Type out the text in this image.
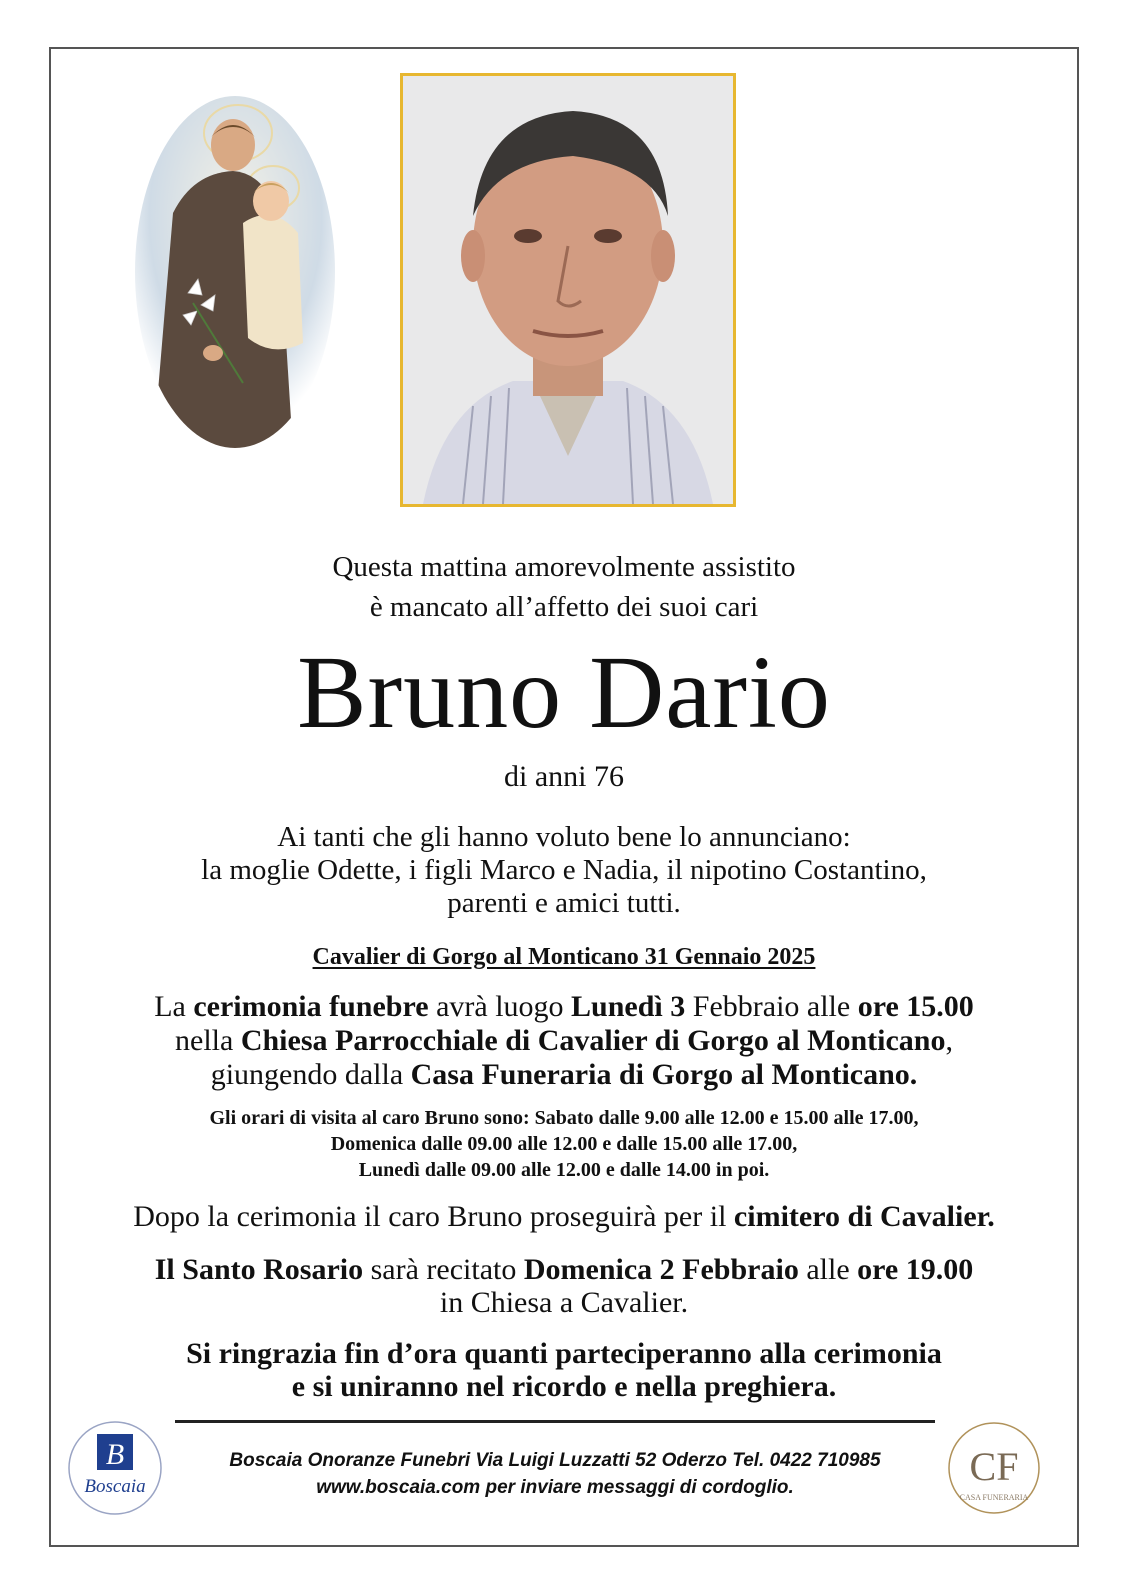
Questa mattina amorevolmente assistito
è mancato all’affetto dei suoi cari
Bruno Dario
di anni 76
Ai tanti che gli hanno voluto bene lo annunciano:
la moglie Odette, i figli Marco e Nadia, il nipotino Costantino,
parenti e amici tutti.
Cavalier di Gorgo al Monticano 31 Gennaio 2025
La cerimonia funebre avrà luogo Lunedì 3 Febbraio alle ore 15.00
nella Chiesa Parrocchiale di Cavalier di Gorgo al Monticano,
giungendo dalla Casa Funeraria di Gorgo al Monticano.
Gli orari di visita al caro Bruno sono: Sabato dalle 9.00 alle 12.00 e 15.00 alle 17.00,
Domenica dalle 09.00 alle 12.00 e dalle 15.00 alle 17.00,
Lunedì dalle 09.00 alle 12.00 e dalle 14.00 in poi.
Dopo la cerimonia il caro Bruno proseguirà per il cimitero di Cavalier.
Il Santo Rosario sarà recitato Domenica 2 Febbraio alle ore 19.00
in Chiesa a Cavalier.
Si ringrazia fin d’ora quanti parteciperanno alla cerimonia
e si uniranno nel ricordo e nella preghiera.
B
Boscaia
Boscaia Onoranze Funebri Via Luigi Luzzatti 52 Oderzo Tel. 0422 710985
www.boscaia.com per inviare messaggi di cordoglio.	CF
CASA FUNERARIA
